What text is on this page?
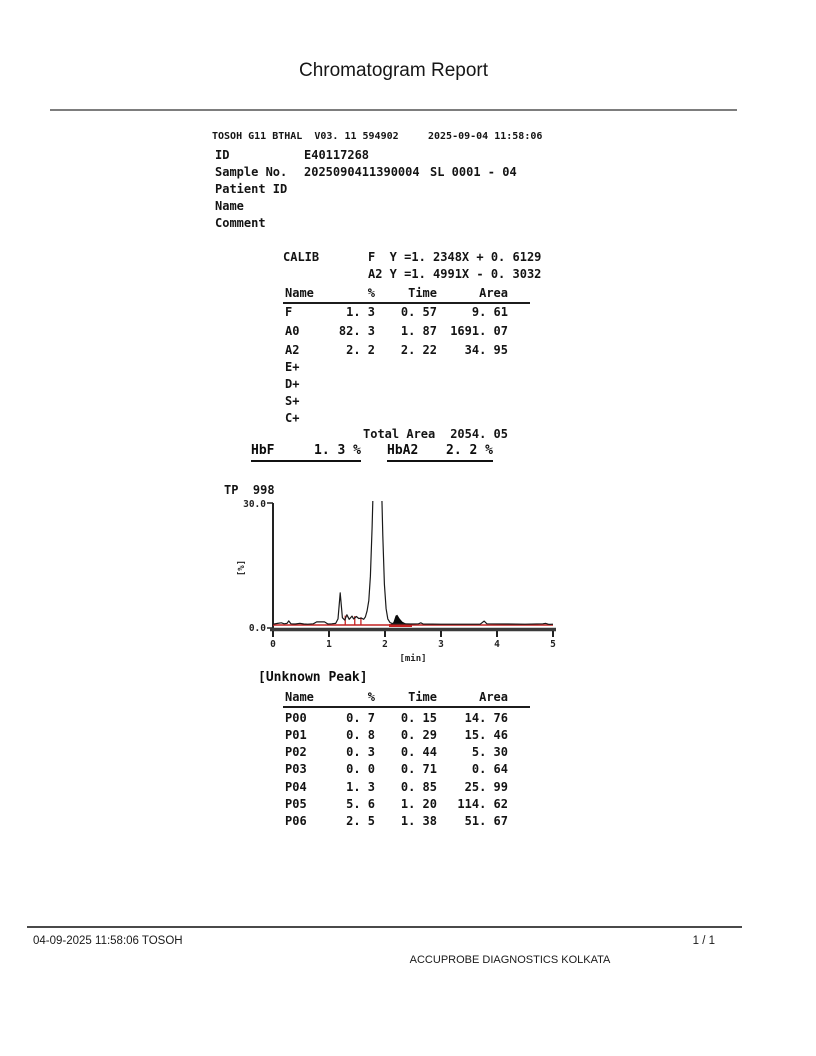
Chromatogram Report
TOSOH G11 BTHAL  V03. 11 594902	2025-09-04 11:58:06
ID	E40117268
Sample No. 2025090411390004 SL 0001 - 04
Patient ID
Name
Comment
CALIB	F  Y =1. 2348X + 0. 6129
A2 Y =1. 4991X - 0. 3032
Name	%	Time	Area
F	1. 3	0. 57	9. 61
A0	82. 3	1. 87	1691. 07
A2	2. 2	2. 22	34. 95
E+
D+
S+
C+
Total Area	2054. 05
HbF	1. 3 % HbA2 2. 2 %
TP  998
30.0
0.0
[%]
0	1	2	3	4	5
[min]
[Unknown Peak]
Name	%	Time	Area
P00	0. 7	0. 15	14. 76
P01	0. 8	0. 29	15. 46
P02	0. 3	0. 44	5. 30
P03	0. 0	0. 71	0. 64
P04	1. 3	0. 85	25. 99
P05	5. 6	1. 20	114. 62
P06	2. 5	1. 38	51. 67
04-09-2025 11:58:06 TOSOH	1 / 1
ACCUPROBE DIAGNOSTICS KOLKATA
